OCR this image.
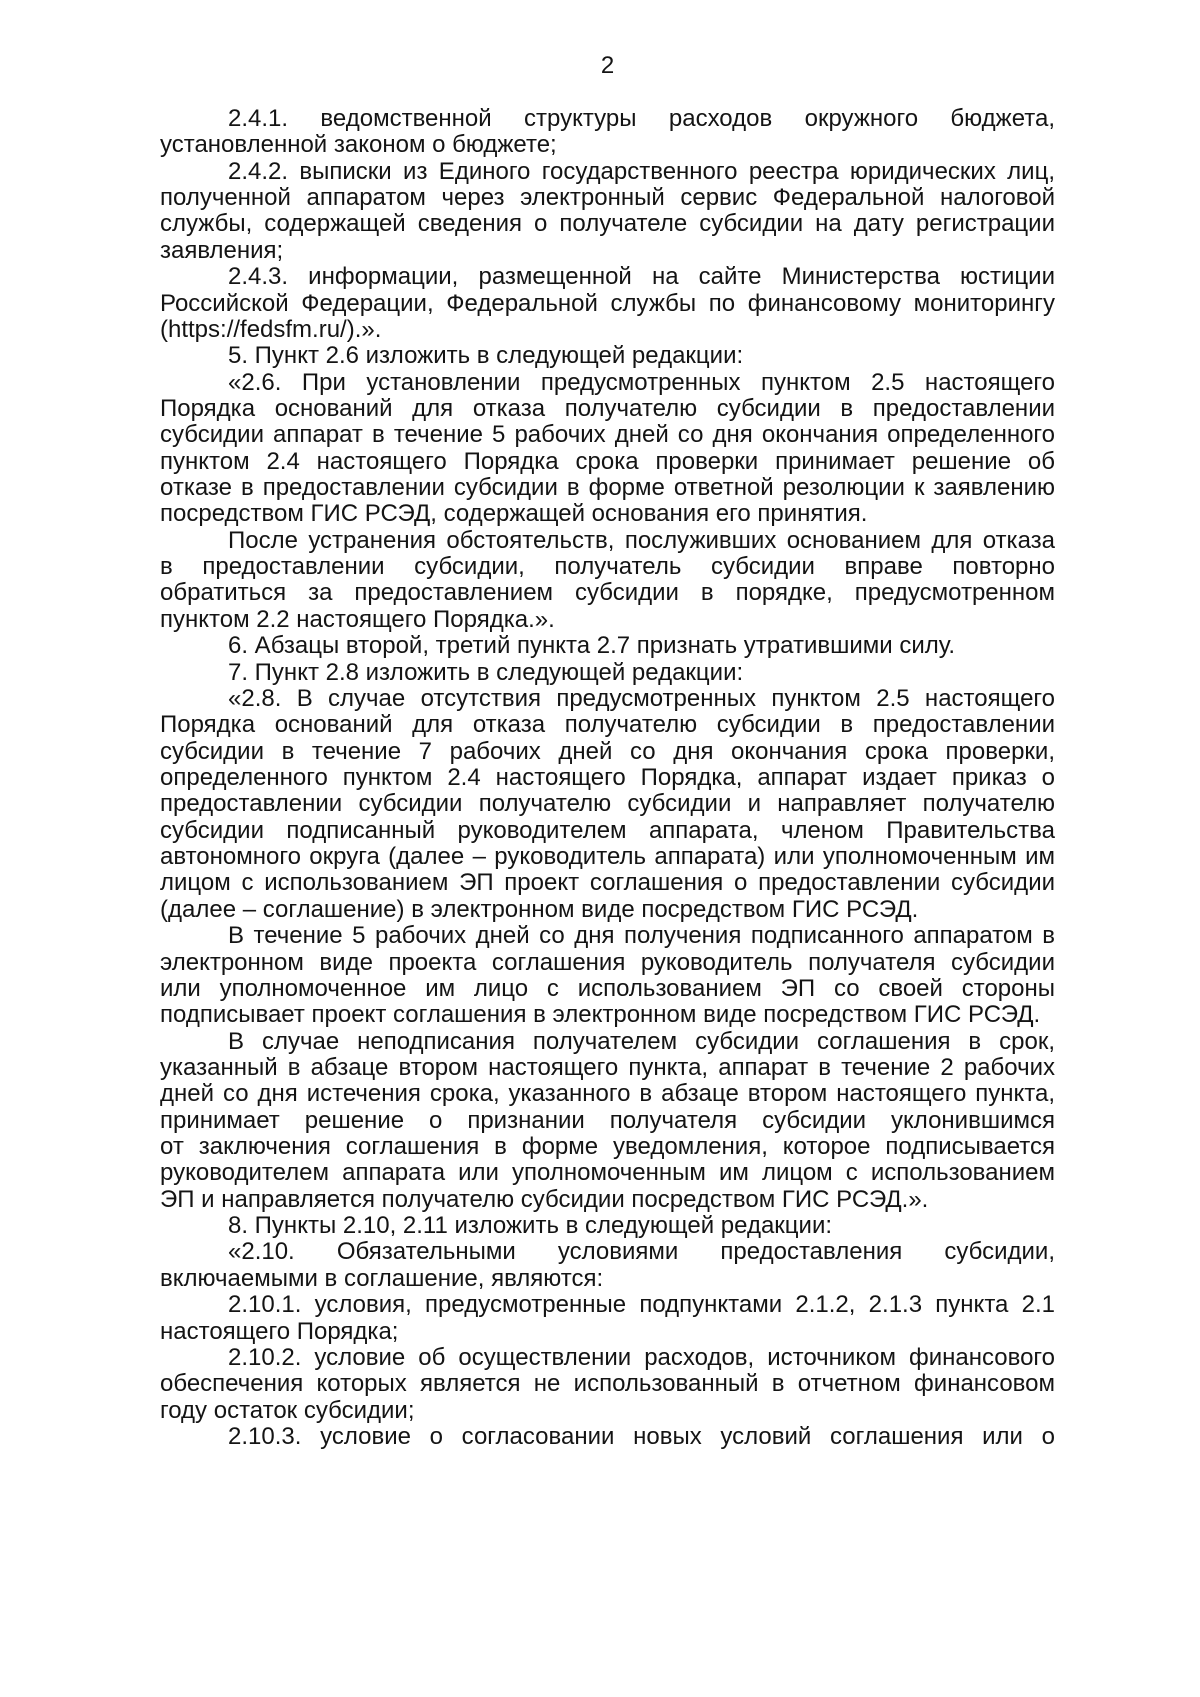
2
2.4.1. ведомственной структуры расходов окружного бюджета,
установленной законом о бюджете;
2.4.2. выписки из Единого государственного реестра юридических лиц,
полученной аппаратом через электронный сервис Федеральной налоговой
службы, содержащей сведения о получателе субсидии на дату регистрации
заявления;
2.4.3. информации, размещенной на сайте Министерства юстиции
Российской Федерации, Федеральной службы по финансовому мониторингу
(https://fedsfm.ru/).».
5. Пункт 2.6 изложить в следующей редакции:
«2.6. При установлении предусмотренных пунктом 2.5 настоящего
Порядка оснований для отказа получателю субсидии в предоставлении
субсидии аппарат в течение 5 рабочих дней со дня окончания определенного
пунктом 2.4 настоящего Порядка срока проверки принимает решение об
отказе в предоставлении субсидии в форме ответной резолюции к заявлению
посредством ГИС РСЭД, содержащей основания его принятия.
После устранения обстоятельств, послуживших основанием для отказа
в предоставлении субсидии, получатель субсидии вправе повторно
обратиться за предоставлением субсидии в порядке, предусмотренном
пунктом 2.2 настоящего Порядка.».
6. Абзацы второй, третий пункта 2.7 признать утратившими силу.
7. Пункт 2.8 изложить в следующей редакции:
«2.8. В случае отсутствия предусмотренных пунктом 2.5 настоящего
Порядка оснований для отказа получателю субсидии в предоставлении
субсидии в течение 7 рабочих дней со дня окончания срока проверки,
определенного пунктом 2.4 настоящего Порядка, аппарат издает приказ о
предоставлении субсидии получателю субсидии и направляет получателю
субсидии подписанный руководителем аппарата, членом Правительства
автономного округа (далее – руководитель аппарата) или уполномоченным им
лицом с использованием ЭП проект соглашения о предоставлении субсидии
(далее – соглашение) в электронном виде посредством ГИС РСЭД.
В течение 5 рабочих дней со дня получения подписанного аппаратом в
электронном виде проекта соглашения руководитель получателя субсидии
или уполномоченное им лицо с использованием ЭП со своей стороны
подписывает проект соглашения в электронном виде посредством ГИС РСЭД.
В случае неподписания получателем субсидии соглашения в срок,
указанный в абзаце втором настоящего пункта, аппарат в течение 2 рабочих
дней со дня истечения срока, указанного в абзаце втором настоящего пункта,
принимает решение о признании получателя субсидии уклонившимся
от заключения соглашения в форме уведомления, которое подписывается
руководителем аппарата или уполномоченным им лицом с использованием
ЭП и направляется получателю субсидии посредством ГИС РСЭД.».
8. Пункты 2.10, 2.11 изложить в следующей редакции:
«2.10. Обязательными условиями предоставления субсидии,
включаемыми в соглашение, являются:
2.10.1. условия, предусмотренные подпунктами 2.1.2, 2.1.3 пункта 2.1
настоящего Порядка;
2.10.2. условие об осуществлении расходов, источником финансового
обеспечения которых является не использованный в отчетном финансовом
году остаток субсидии;
2.10.3. условие о согласовании новых условий соглашения или о
